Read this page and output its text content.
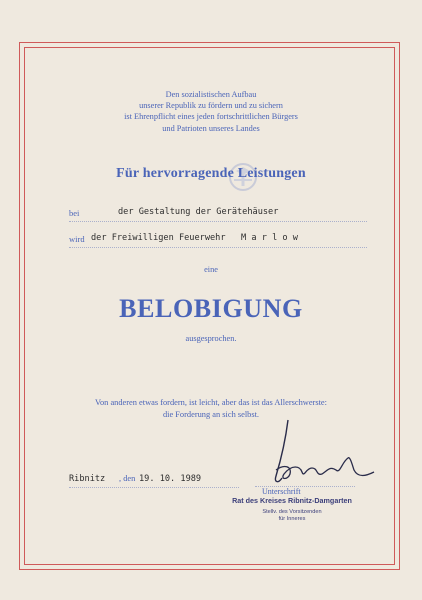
Den sozialistischen Aufbau
unserer Republik zu fördern und zu sichern
ist Ehrenpflicht eines jeden fortschrittlichen Bürgers
und Patrioten unseres Landes
Für hervorragende Leistungen
bei	der Gestaltung der Gerätehäuser
wird der Freiwilligen Feuerwehr   M a r l o w
eine
BELOBIGUNG
ausgesprochen.
Von anderen etwas fordern, ist leicht, aber das ist das Allerschwerste:
die Forderung an sich selbst.
Ribnitz , den 19. 10. 1989
Unterschrift
Rat des Kreises Ribnitz-Damgarten
Stellv. des Vorsitzenden
für Inneres
